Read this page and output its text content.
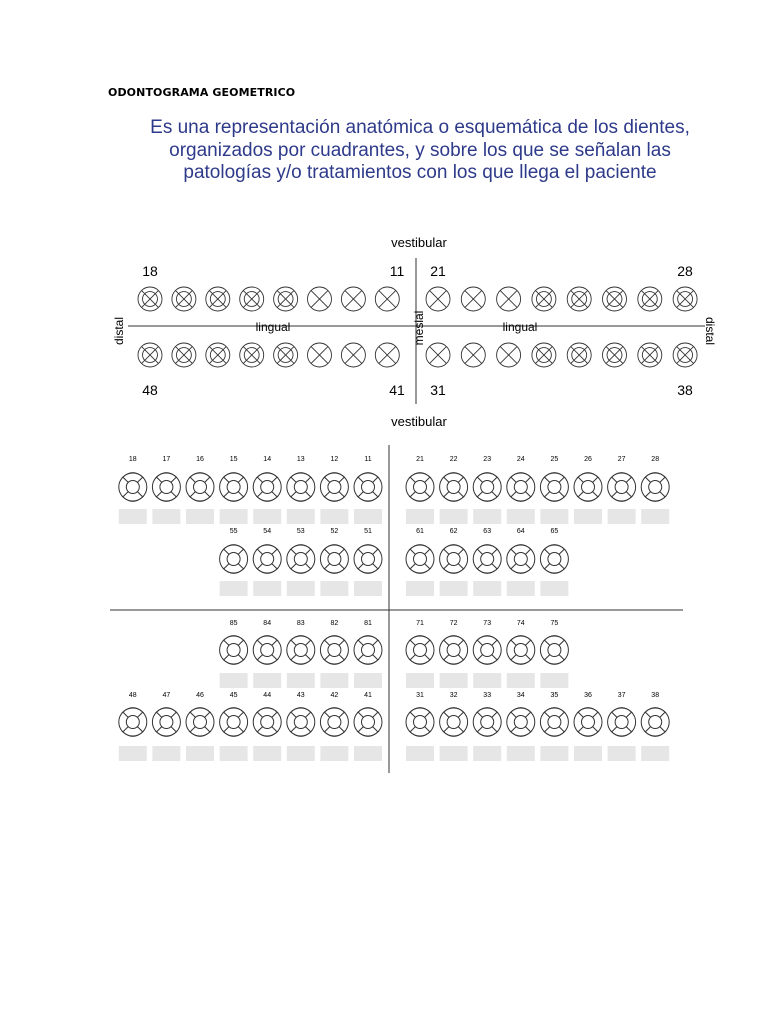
ODONTOGRAMA GEOMETRICO
Es una representación anatómica o esquemática de los dientes, organizados por cuadrantes, y sobre los que se señalan las patologías y/o tratamientos con los que llega el paciente
vestibular
vestibular
distal	distal
mesial
lingual	lingual
18	11 21	28
48	41 31	38
18	17	16	15	14	13	12	11	21	22	23	24	25	26	27	28
55	54	53	52	51	61	62	63	64	65
85	84	83	82	81	71	72	73	74	75
48	47	46	45	44	43	42	41	31	32	33	34	35	36	37	38
